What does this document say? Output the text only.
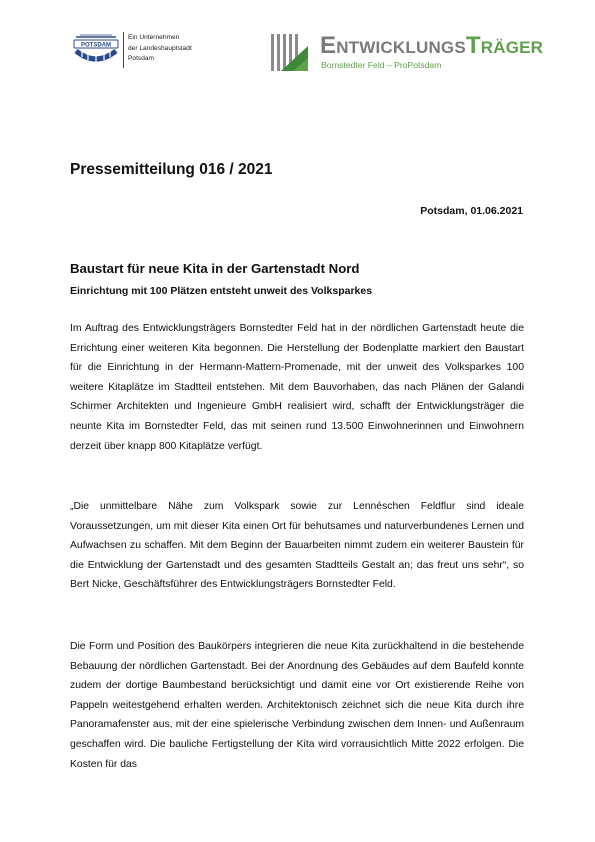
POTSDAM
Ein Unternehmen
der Landeshauptstadt
Potsdam	EntwicklungsTräger
Bornstedter Feld – ProPotsdam
Pressemitteilung 016 / 2021
Potsdam, 01.06.2021
Baustart für neue Kita in der Gartenstadt Nord
Einrichtung mit 100 Plätzen entsteht unweit des Volksparkes

Im Auftrag des Entwicklungsträgers Bornstedter Feld hat in der nördlichen Gartenstadt heute die Errichtung einer weiteren Kita begonnen. Die Herstellung der Bodenplatte markiert den Baustart für die Einrichtung in der Hermann-Mattern-Promenade, mit der unweit des Volksparkes 100 weitere Kitaplätze im Stadtteil entstehen. Mit dem Bauvorhaben, das nach Plänen der Galandi Schirmer Architekten und Ingenieure GmbH realisiert wird, schafft der Entwicklungsträger die neunte Kita im Bornstedter Feld, das mit seinen rund 13.500 Einwohnerinnen und Einwohnern derzeit über knapp 800 Kitaplätze verfügt.

„Die unmittelbare Nähe zum Volkspark sowie zur Lennéschen Feldflur sind ideale Voraussetzungen, um mit dieser Kita einen Ort für behutsames und naturverbundenes Lernen und Aufwachsen zu schaffen. Mit dem Beginn der Bauarbeiten nimmt zudem ein weiterer Baustein für die Entwicklung der Gartenstadt und des gesamten Stadtteils Gestalt an; das freut uns sehr“, so Bert Nicke, Geschäftsführer des Entwicklungsträgers Bornstedter Feld.

Die Form und Position des Baukörpers integrieren die neue Kita zurückhaltend in die bestehende Bebauung der nördlichen Gartenstadt. Bei der Anordnung des Gebäudes auf dem Baufeld konnte zudem der dortige Baumbestand berücksichtigt und damit eine vor Ort existierende Reihe von Pappeln weitestgehend erhalten werden. Architektonisch zeichnet sich die neue Kita durch ihre Panoramafenster aus, mit der eine spielerische Verbindung zwischen dem Innen- und Außenraum geschaffen wird. Die bauliche Fertigstellung der Kita wird vorrausichtlich Mitte 2022 erfolgen. Die Kosten für das
